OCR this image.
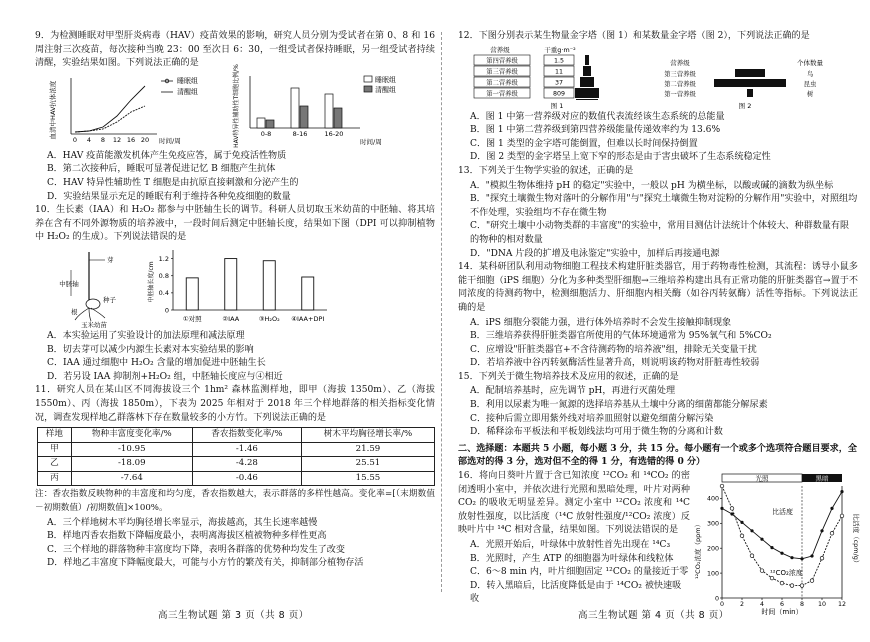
9．为检测睡眠对甲型肝炎病毒（HAV）疫苗效果的影响，研究人员分别为受试者在第 0、8 和 16 周注射三次疫苗，每次接种当晚 23：00 至次日 6：30，一组受试者保持睡眠，另一组受试者持续清醒，实验结果如图。下列说法正确的是

血清中HAV抗体浓度
0 4 8 12 16 20 时间/周
睡眠组
清醒组	HAV特异性辅助性T细胞比例/%	0-8	8-16	16-20
时间/周
睡眠组
清醒组

A．HAV 疫苗能激发机体产生免疫应答，属于免疫活性物质

B．第二次接种后，睡眠可显著促进记忆 B 细胞产生抗体

C．HAV 特异性辅助性 T 细胞是由抗原直接刺激和分泌产生的

D．实验结果显示充足的睡眠有利于维持各种免疫细胞的数量

10．生长素（IAA）和 H₂O₂ 都参与中胚轴生长的调节。科研人员切取玉米幼苗的中胚轴、将其培养在含有不同外源物质的培养液中，一段时间后测定中胚轴长度，结果如下图（DPI 可以抑制植物中 H₂O₂ 的生成）。下列说法错误的是

芽
中胚轴
种子
根
玉米幼苗
中胚轴长度/cm
0
0.4
0.8
1.2
①对照	②IAA	③H₂O₂ ④IAA+DPI

A．本实验运用了实验设计的加法原理和减法原理

B．切去芽可以减少内源生长素对本实验结果的影响

C．IAA 通过细胞中 H₂O₂ 含量的增加促进中胚轴生长

D．若另设 IAA 抑制剂+H₂O₂ 组，中胚轴长度应与④相近

11．研究人员在某山区不同海拔设三个 1hm² 森林监测样地，即甲（海拔 1350m）、乙（海拔 1550m）、丙（海拔 1850m），下表为 2025 年相对于 2018 年三个样地群落的相关指标变化情况，调查发现样地乙群落林下存在数量较多的小方竹。下列说法正确的是

样地	物种丰富度变化率/%	香农指数变化率/%	树木平均胸径增长率/%
甲	-10.95	-1.46	21.59
乙	-18.09	-4.28	25.51
丙	-7.64	-0.46	15.55

注：香农指数反映物种的丰富度和均匀度，香农指数越大，表示群落的多样性越高。变化率=[（末期数值－初期数值）/初期数值]×100%。

A．三个样地树木平均胸径增长率显示，海拔越高，其生长速率越慢

B．样地丙香农指数下降幅度最小，表明离海拔区植被物种多样性更高

C．三个样地的群落物种丰富度均下降，表明各群落的优势种均发生了改变

D．样地乙丰富度下降幅度最大，可能与小方竹的繁茂有关，抑制部分植物存活

12．下图分别表示某生物量金字塔（图 1）和某数量金字塔（图 2），下列说法正确的是

营养级	干重g·m⁻²
第四营养级	1.5
第三营养级	11
第二营养级	37
第一营养级	809
图 1
营养级	个体数量
第三营养级	鸟
第二营养级	昆虫
第一营养级	树
图 2

A．图 1 中第一营养级对应的数值代表流经该生态系统的总能量

B．图 1 中第二营养级到第四营养级能量传递效率约为 13.6%

C．图 1 类型的金字塔可能倒置，但难以长时间保持倒置

D．图 2 类型的金字塔呈上宽下窄的形态是由于害虫破坏了生态系统稳定性

13．下列关于生物学实验的叙述，正确的是

A．"模拟生物体维持 pH 的稳定"实验中，一般以 pH 为横坐标，以酸或碱的滴数为纵坐标

B．"探究土壤微生物对落叶的分解作用"与"探究土壤微生物对淀粉的分解作用"实验中，对照组均不作处理，实验组均不存在微生物

C．"研究土壤中小动物类群的丰富度"的实验中，常用目测估计法统计个体较大、种群数量有限的物种的相对数量

D．"DNA 片段的扩增及电泳鉴定"实验中，加样后再接通电源

14．某科研团队利用动物细胞工程技术构建肝脏类器官，用于药物毒性检测，其流程：诱导小鼠多能干细胞（iPS 细胞）分化为多种类型肝细胞→三维培养构建出具有正常功能的肝脏类器官→置于不同浓度的待测药物中，检测细胞活力、肝细胞内相关酶（如谷丙转氨酶）活性等指标。下列说法正确的是

A．iPS 细胞分裂能力强，进行体外培养时不会发生接触抑制现象

B．三维培养获得肝脏类器官所使用的气体环境通常为 95%氧气和 5%CO₂

C．应增设"肝脏类器官+不含待测药物的培养液"组，排除无关变量干扰

D．若培养液中谷丙转氨酶活性显著升高，则说明该药物对肝脏毒性较弱

15．下列关于微生物培养技术及应用的叙述，正确的是

A．配制培养基时，应先调节 pH，再进行灭菌处理

B．利用以尿素为唯一氮源的选择培养基从土壤中分离的细菌都能分解尿素

C．接种后需立即用紫外线对培养皿照射以避免细菌分解污染

D．稀释涂布平板法和平板划线法均可用于微生物的分离和计数

二、选择题：本题共 5 小题，每小题 3 分，共 15 分。每小题有一个或多个选项符合题目要求，全部选对的得 3 分，选对但不全的得 1 分，有选错的得 0 分）

16．将向日葵叶片置于含已知浓度 ¹²CO₂ 和 ¹⁴CO₂ 的密闭透明小室中，并依次进行光照和黑暗处理，叶片对两种 CO₂ 的吸收无明显差异。测定小室中 ¹²CO₂ 浓度和 ¹⁴C 放射性强度，以比活度（¹⁴C 放射性强度/¹²CO₂ 浓度）反映叶片中 ¹⁴C 相对含量，结果如图。下列说法错误的是

A．光照开始后，叶绿体中放射性首先出现在 ¹⁴C₃

B．光照时，产生 ATP 的细胞器为叶绿体和线粒体

C．6～8 min 内，叶片细胞固定 ¹²CO₂ 的量接近于零

D．转入黑暗后，比活度降低是由于 ¹⁴CO₂ 被快速吸收

光照	黑暗
¹²CO₂浓度（ppm）	比活度（cpm/g）
0
100
200
300
400
0	2	4	6	8 10 12
比活度
¹²CO₂浓度
时间（min）
高三生物试题 第 3 页（共 8 页）	高三生物试题 第 4 页（共 8 页）
